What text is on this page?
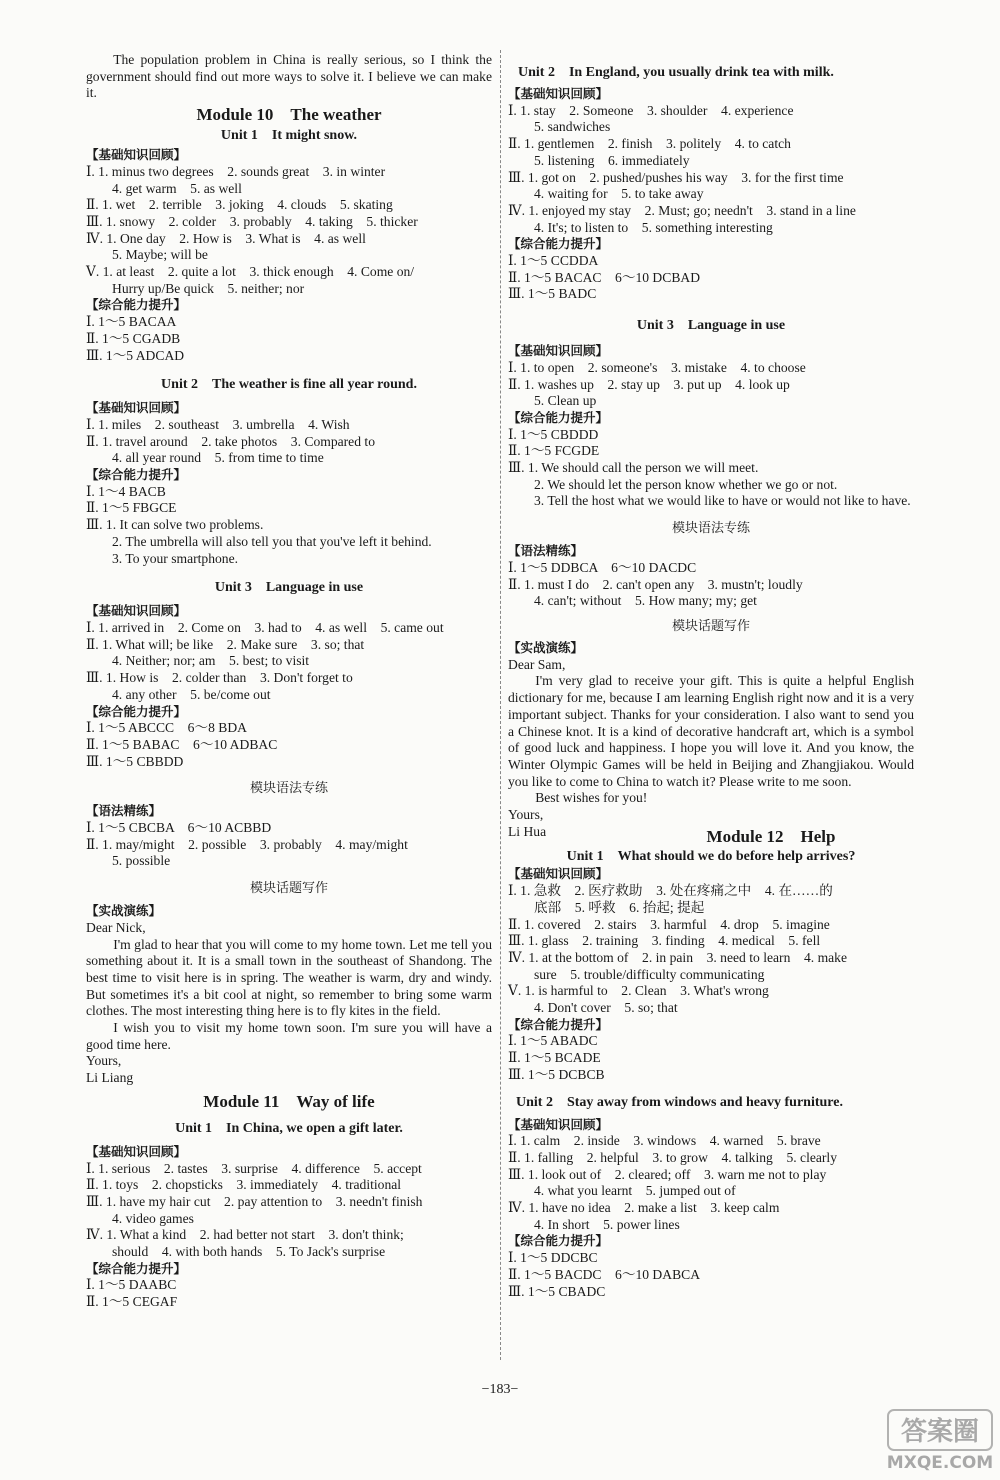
The population problem in China is really serious, so I think the government should find out more ways to solve it. I believe we can make it.

Module 10　The weather
Unit 1　It might snow.
【基础知识回顾】
Ⅰ. 1. minus two degrees　2. sounds great　3. in winter
4. get warm　5. as well
Ⅱ. 1. wet　2. terrible　3. joking　4. clouds　5. skating
Ⅲ. 1. snowy　2. colder　3. probably　4. taking　5. thicker
Ⅳ. 1. One day　2. How is　3. What is　4. as well
5. Maybe; will be
Ⅴ. 1. at least　2. quite a lot　3. thick enough　4. Come on/
Hurry up/Be quick　5. neither; nor
【综合能力提升】
Ⅰ. 1～5 BACAA
Ⅱ. 1～5 CGADB
Ⅲ. 1～5 ADCAD
Unit 2　The weather is fine all year round.
【基础知识回顾】
Ⅰ. 1. miles　2. southeast　3. umbrella　4. Wish
Ⅱ. 1. travel around　2. take photos　3. Compared to
4. all year round　5. from time to time
【综合能力提升】
Ⅰ. 1～4 BACB
Ⅱ. 1～5 FBGCE
Ⅲ. 1. It can solve two problems.
2. The umbrella will also tell you that you've left it behind.
3. To your smartphone.
Unit 3　Language in use
【基础知识回顾】
Ⅰ. 1. arrived in　2. Come on　3. had to　4. as well　5. came out
Ⅱ. 1. What will; be like　2. Make sure　3. so; that
4. Neither; nor; am　5. best; to visit
Ⅲ. 1. How is　2. colder than　3. Don't forget to
4. any other　5. be/come out
【综合能力提升】
Ⅰ. 1～5 ABCCC　6～8 BDA
Ⅱ. 1～5 BABAC　6～10 ADBAC
Ⅲ. 1～5 CBBDD
模块语法专练
【语法精练】
Ⅰ. 1～5 CBCBA　6～10 ACBBD
Ⅱ. 1. may/might　2. possible　3. probably　4. may/might
5. possible
模块话题写作
【实战演练】
Dear Nick,

I'm glad to hear that you will come to my home town. Let me tell you something about it. It is a small town in the southeast of Shandong. The best time to visit here is in spring. The weather is warm, dry and windy. But sometimes it's a bit cool at night, so remember to bring some warm clothes. The most interesting thing here is to fly kites in the field.

I wish you to visit my home town soon. I'm sure you will have a good time here.

Yours,
Li Liang
Module 11　Way of life
Unit 1　In China, we open a gift later.
【基础知识回顾】
Ⅰ. 1. serious　2. tastes　3. surprise　4. difference　5. accept
Ⅱ. 1. toys　2. chopsticks　3. immediately　4. traditional
Ⅲ. 1. have my hair cut　2. pay attention to　3. needn't finish
4. video games
Ⅳ. 1. What a kind　2. had better not start　3. don't think;
should　4. with both hands　5. To Jack's surprise
【综合能力提升】
Ⅰ. 1～5 DAABC
Ⅱ. 1～5 CEGAF
Unit 2　In England, you usually drink tea with milk.
【基础知识回顾】
Ⅰ. 1. stay　2. Someone　3. shoulder　4. experience
5. sandwiches
Ⅱ. 1. gentlemen　2. finish　3. politely　4. to catch
5. listening　6. immediately
Ⅲ. 1. got on　2. pushed/pushes his way　3. for the first time
4. waiting for　5. to take away
Ⅳ. 1. enjoyed my stay　2. Must; go; needn't　3. stand in a line
4. It's; to listen to　5. something interesting
【综合能力提升】
Ⅰ. 1～5 CCDDA
Ⅱ. 1～5 BACAC　6～10 DCBAD
Ⅲ. 1～5 BADC
Unit 3　Language in use
【基础知识回顾】
Ⅰ. 1. to open　2. someone's　3. mistake　4. to choose
Ⅱ. 1. washes up　2. stay up　3. put up　4. look up
5. Clean up
【综合能力提升】
Ⅰ. 1～5 CBDDD
Ⅱ. 1～5 FCGDE
Ⅲ. 1. We should call the person we will meet.
2. We should let the person know whether we go or not.
3. Tell the host what we would like to have or would not like to have.
模块语法专练
【语法精练】
Ⅰ. 1～5 DDBCA　6～10 DACDC
Ⅱ. 1. must I do　2. can't open any　3. mustn't; loudly
4. can't; without　5. How many; my; get
模块话题写作
【实战演练】
Dear Sam,

I'm very glad to receive your gift. This is quite a helpful English dictionary for me, because I am learning English right now and it is a very important subject. Thanks for your consideration. I also want to send you a Chinese knot. It is a kind of decorative handcraft art, which is a symbol of good luck and happiness. I hope you will love it. And you know, the Winter Olympic Games will be held in Beijing and Zhangjiakou. Would you like to come to China to watch it? Please write to me soon.

Best wishes for you!
Yours,
Li Hua	Module 12　Help
Unit 1　What should we do before help arrives?
【基础知识回顾】
Ⅰ. 1. 急救　2. 医疗救助　3. 处在疼痛之中　4. 在……的
底部　5. 呼救　6. 抬起; 提起
Ⅱ. 1. covered　2. stairs　3. harmful　4. drop　5. imagine
Ⅲ. 1. glass　2. training　3. finding　4. medical　5. fell
Ⅳ. 1. at the bottom of　2. in pain　3. need to learn　4. make
sure　5. trouble/difficulty communicating
Ⅴ. 1. is harmful to　2. Clean　3. What's wrong
4. Don't cover　5. so; that
【综合能力提升】
Ⅰ. 1～5 ABADC
Ⅱ. 1～5 BCADE
Ⅲ. 1～5 DCBCB
Unit 2　Stay away from windows and heavy furniture.
【基础知识回顾】
Ⅰ. 1. calm　2. inside　3. windows　4. warned　5. brave
Ⅱ. 1. falling　2. helpful　3. to grow　4. talking　5. clearly
Ⅲ. 1. look out of　2. cleared; off　3. warn me not to play
4. what you learnt　5. jumped out of
Ⅳ. 1. have no idea　2. make a list　3. keep calm
4. In short　5. power lines
【综合能力提升】
Ⅰ. 1～5 DDCBC
Ⅱ. 1～5 BACDC　6～10 DABCA
Ⅲ. 1～5 CBADC
−183−
答案圈
MXQE.COM
